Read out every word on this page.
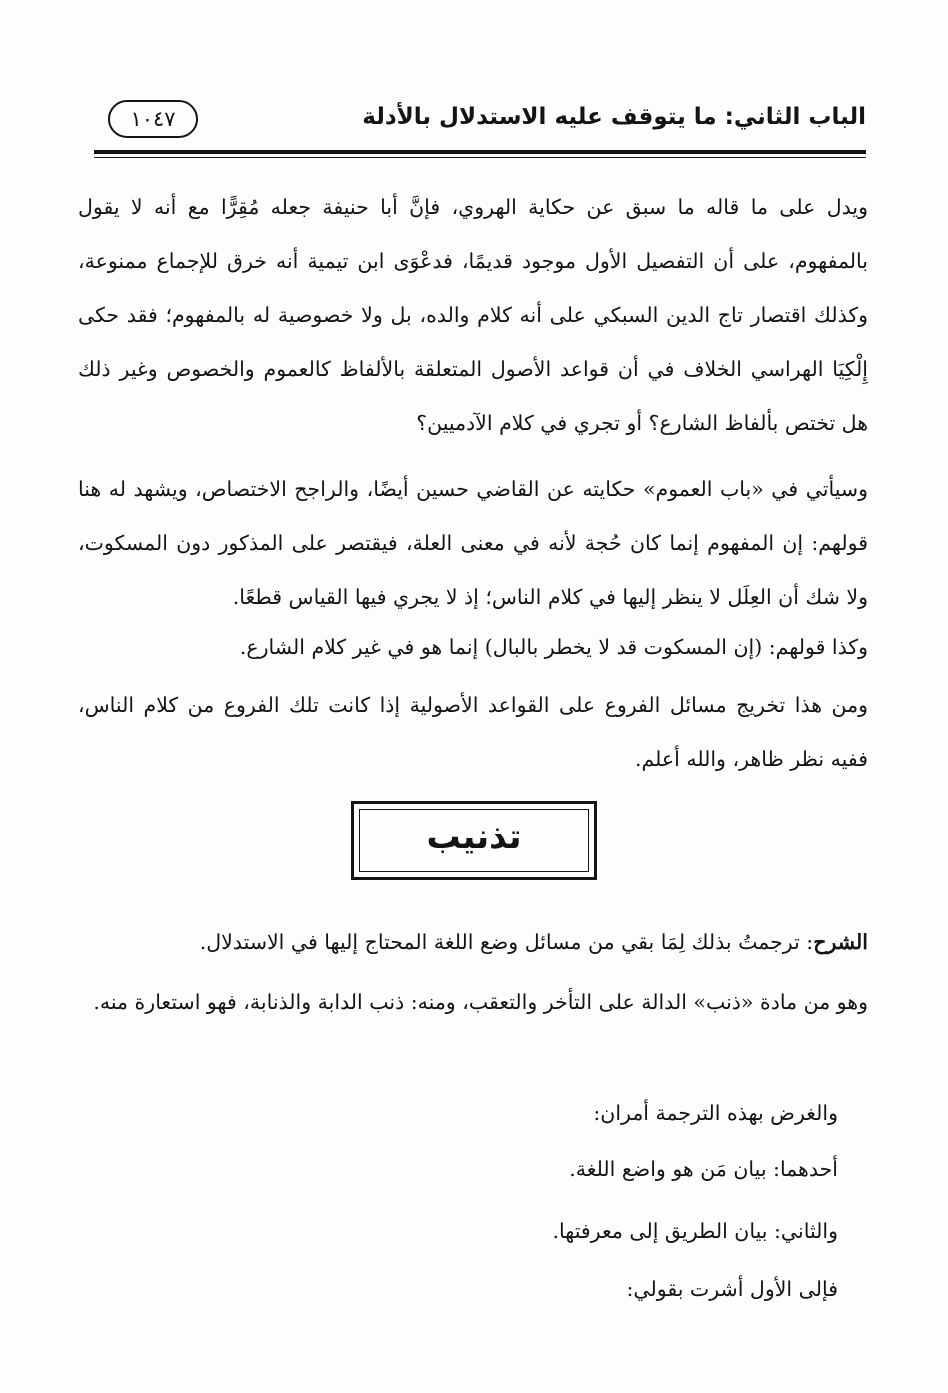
الباب الثاني: ما يتوقف عليه الاستدلال بالأدلة
١٠٤٧
ويدل على ما قاله ما سبق عن حكاية الهروي، فإنَّ أبا حنيفة جعله مُقِرًّا مع أنه لا يقول بالمفهوم، على أن التفصيل الأول موجود قديمًا، فدعْوَى ابن تيمية أنه خرق للإجماع ممنوعة، وكذلك اقتصار تاج الدين السبكي على أنه كلام والده، بل ولا خصوصية له بالمفهوم؛ فقد حكى إِلْكِيَا الهراسي الخلاف في أن قواعد الأصول المتعلقة بالألفاظ كالعموم والخصوص وغير ذلك هل تختص بألفاظ الشارع؟ أو تجري في كلام الآدميين؟
وسيأتي في «باب العموم» حكايته عن القاضي حسين أيضًا، والراجح الاختصاص، ويشهد له هنا قولهم: إن المفهوم إنما كان حُجة لأنه في معنى العلة، فيقتصر على المذكور دون المسكوت، ولا شك أن العِلَل لا ينظر إليها في كلام الناس؛ إذ لا يجري فيها القياس قطعًا.
وكذا قولهم: (إن المسكوت قد لا يخطر بالبال) إنما هو في غير كلام الشارع.
ومن هذا تخريج مسائل الفروع على القواعد الأصولية إذا كانت تلك الفروع من كلام الناس، ففيه نظر ظاهر، والله أعلم.
تذنيب
الشرح: ترجمتُ بذلك لِمَا بقي من مسائل وضع اللغة المحتاج إليها في الاستدلال.
وهو من مادة «ذنب» الدالة على التأخر والتعقب، ومنه: ذنب الدابة والذنابة، فهو استعارة منه.
والغرض بهذه الترجمة أمران:
أحدهما: بيان مَن هو واضع اللغة.
والثاني: بيان الطريق إلى معرفتها.
فإلى الأول أشرت بقولي:
